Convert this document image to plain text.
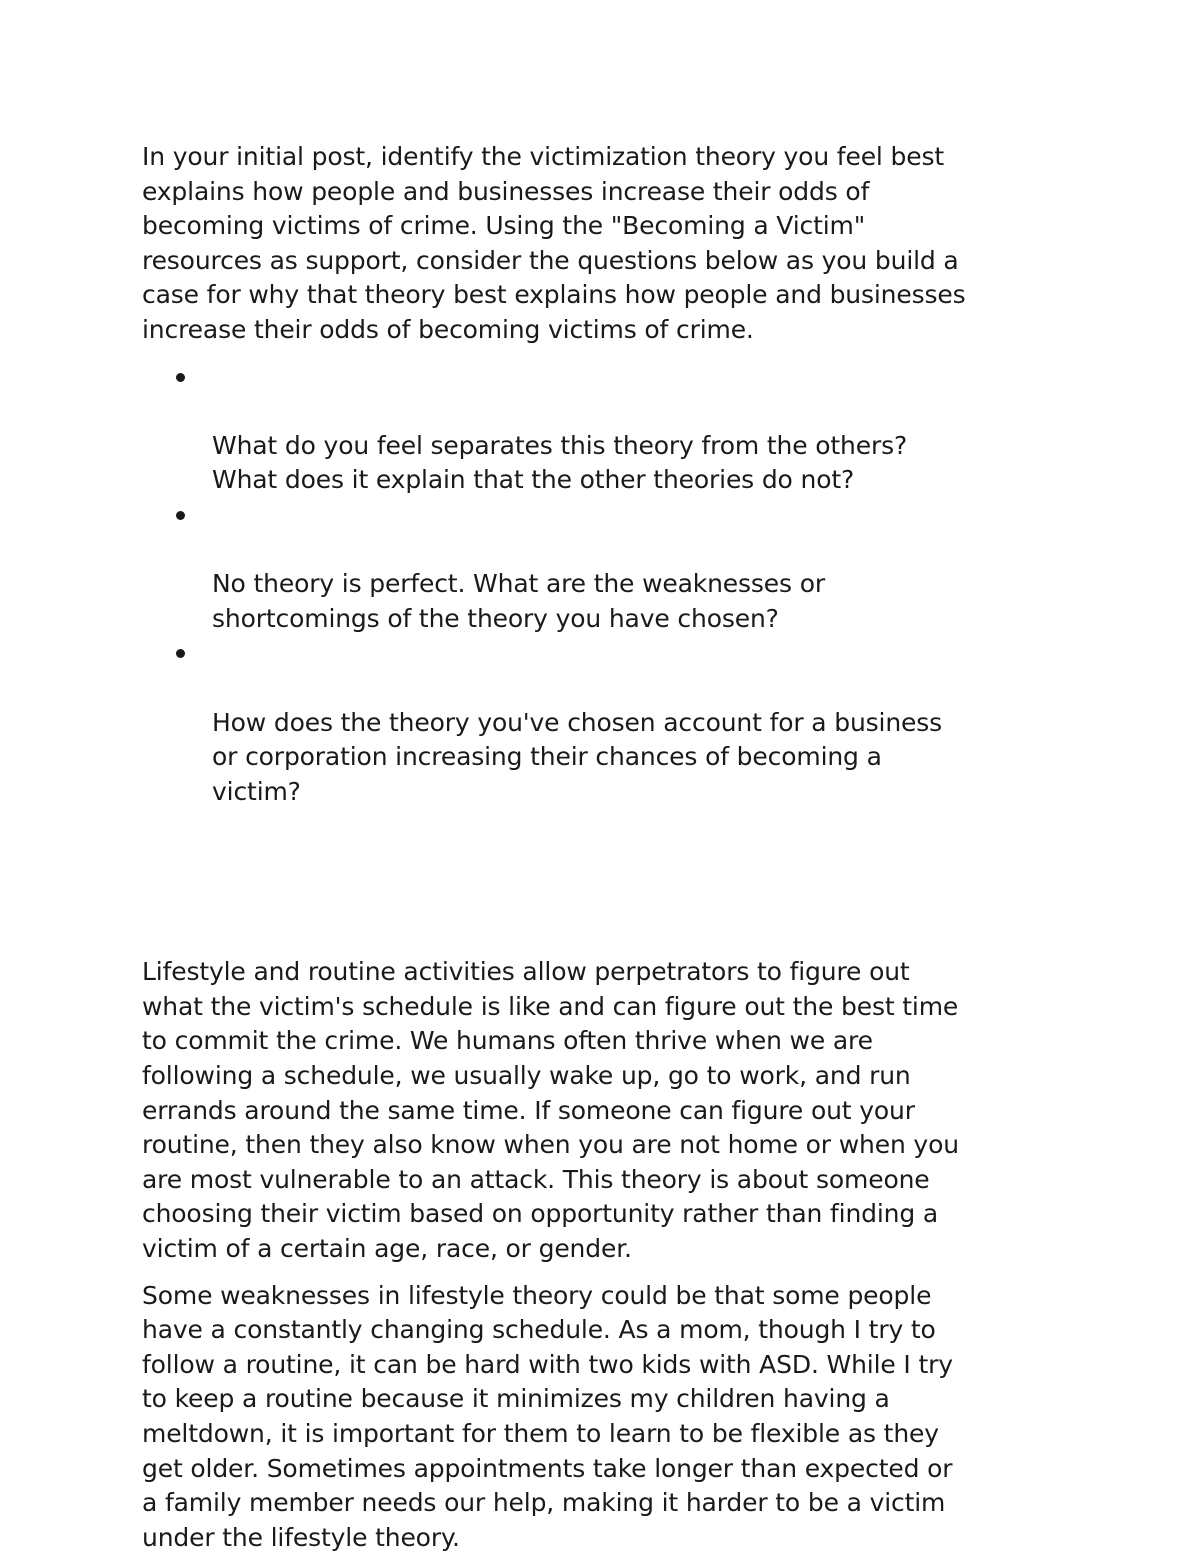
In your initial post, identify the victimization theory you feel best
explains how people and businesses increase their odds of
becoming victims of crime. Using the "Becoming a Victim"
resources as support, consider the questions below as you build a
case for why that theory best explains how people and businesses
increase their odds of becoming victims of crime.

What do you feel separates this theory from the others?
What does it explain that the other theories do not?

No theory is perfect. What are the weaknesses or
shortcomings of the theory you have chosen?

How does the theory you've chosen account for a business
or corporation increasing their chances of becoming a
victim?

Lifestyle and routine activities allow perpetrators to figure out
what the victim's schedule is like and can figure out the best time
to commit the crime. We humans often thrive when we are
following a schedule, we usually wake up, go to work, and run
errands around the same time. If someone can figure out your
routine, then they also know when you are not home or when you
are most vulnerable to an attack. This theory is about someone
choosing their victim based on opportunity rather than finding a
victim of a certain age, race, or gender.

Some weaknesses in lifestyle theory could be that some people
have a constantly changing schedule. As a mom, though I try to
follow a routine, it can be hard with two kids with ASD. While I try
to keep a routine because it minimizes my children having a
meltdown, it is important for them to learn to be flexible as they
get older. Sometimes appointments take longer than expected or
a family member needs our help, making it harder to be a victim
under the lifestyle theory.
